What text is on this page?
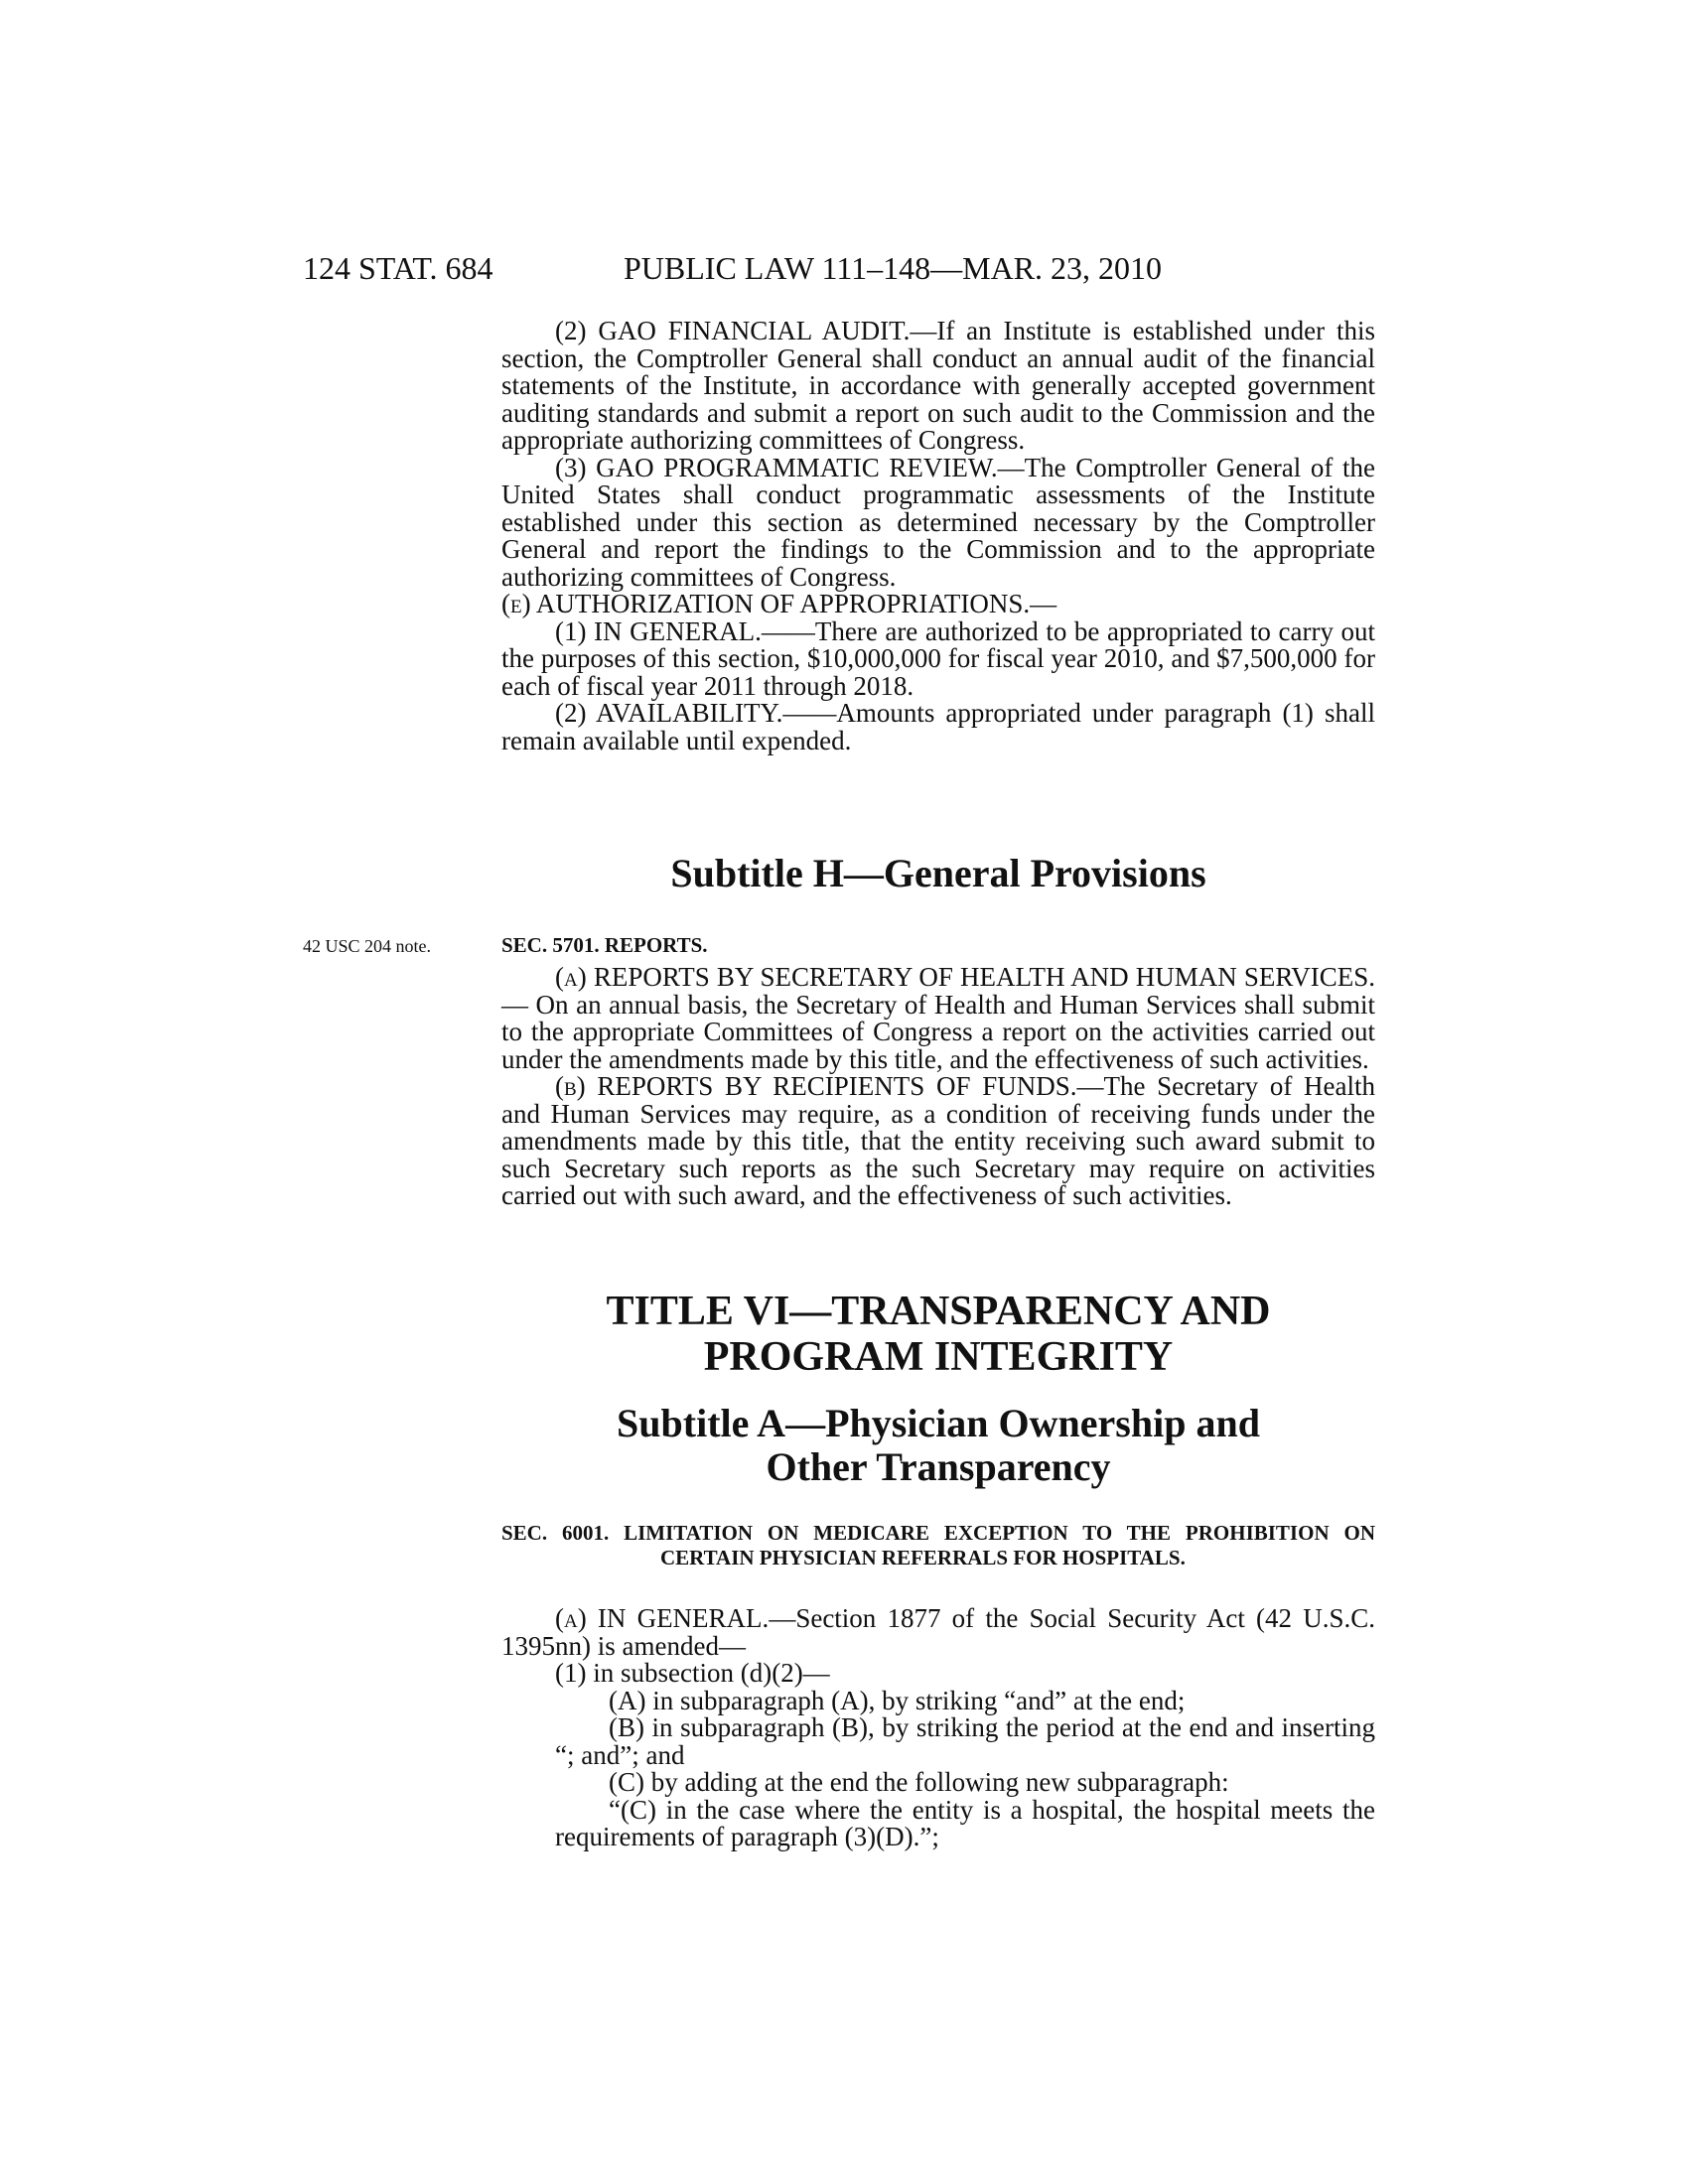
124 STAT. 684	PUBLIC LAW 111–148—MAR. 23, 2010

(2) GAO FINANCIAL AUDIT.—If an Institute is established under this section, the Comptroller General shall conduct an annual audit of the financial statements of the Institute, in accordance with generally accepted government auditing standards and submit a report on such audit to the Commission and the appropriate authorizing committees of Congress.

(3) GAO PROGRAMMATIC REVIEW.—The Comptroller General of the United States shall conduct programmatic assessments of the Institute established under this section as determined necessary by the Comptroller General and report the findings to the Commission and to the appropriate authorizing committees of Congress.

(e) AUTHORIZATION OF APPROPRIATIONS.—

(1) IN GENERAL.——There are authorized to be appropriated to carry out the purposes of this section, $10,000,000 for fiscal year 2010, and $7,500,000 for each of fiscal year 2011 through 2018.

(2) AVAILABILITY.——Amounts appropriated under paragraph (1) shall remain available until expended.

Subtitle H—General Provisions
42 USC 204 note.	SEC. 5701. REPORTS.

(a) REPORTS BY SECRETARY OF HEALTH AND HUMAN SERVICES.— On an annual basis, the Secretary of Health and Human Services shall submit to the appropriate Committees of Congress a report on the activities carried out under the amendments made by this title, and the effectiveness of such activities.

(b) REPORTS BY RECIPIENTS OF FUNDS.—The Secretary of Health and Human Services may require, as a condition of receiving funds under the amendments made by this title, that the entity receiving such award submit to such Secretary such reports as the such Secretary may require on activities carried out with such award, and the effectiveness of such activities.

TITLE VI—TRANSPARENCY AND
PROGRAM INTEGRITY
Subtitle A—Physician Ownership and
Other Transparency
SEC. 6001. LIMITATION ON MEDICARE EXCEPTION TO THE PROHIBITION ON CERTAIN PHYSICIAN REFERRALS FOR HOSPITALS.

(a) IN GENERAL.—Section 1877 of the Social Security Act (42 U.S.C. 1395nn) is amended—

(1) in subsection (d)(2)—

(A) in subparagraph (A), by striking “and” at the end;

(B) in subparagraph (B), by striking the period at the end and inserting “; and”; and

(C) by adding at the end the following new subparagraph:

“(C) in the case where the entity is a hospital, the hospital meets the requirements of paragraph (3)(D).”;
